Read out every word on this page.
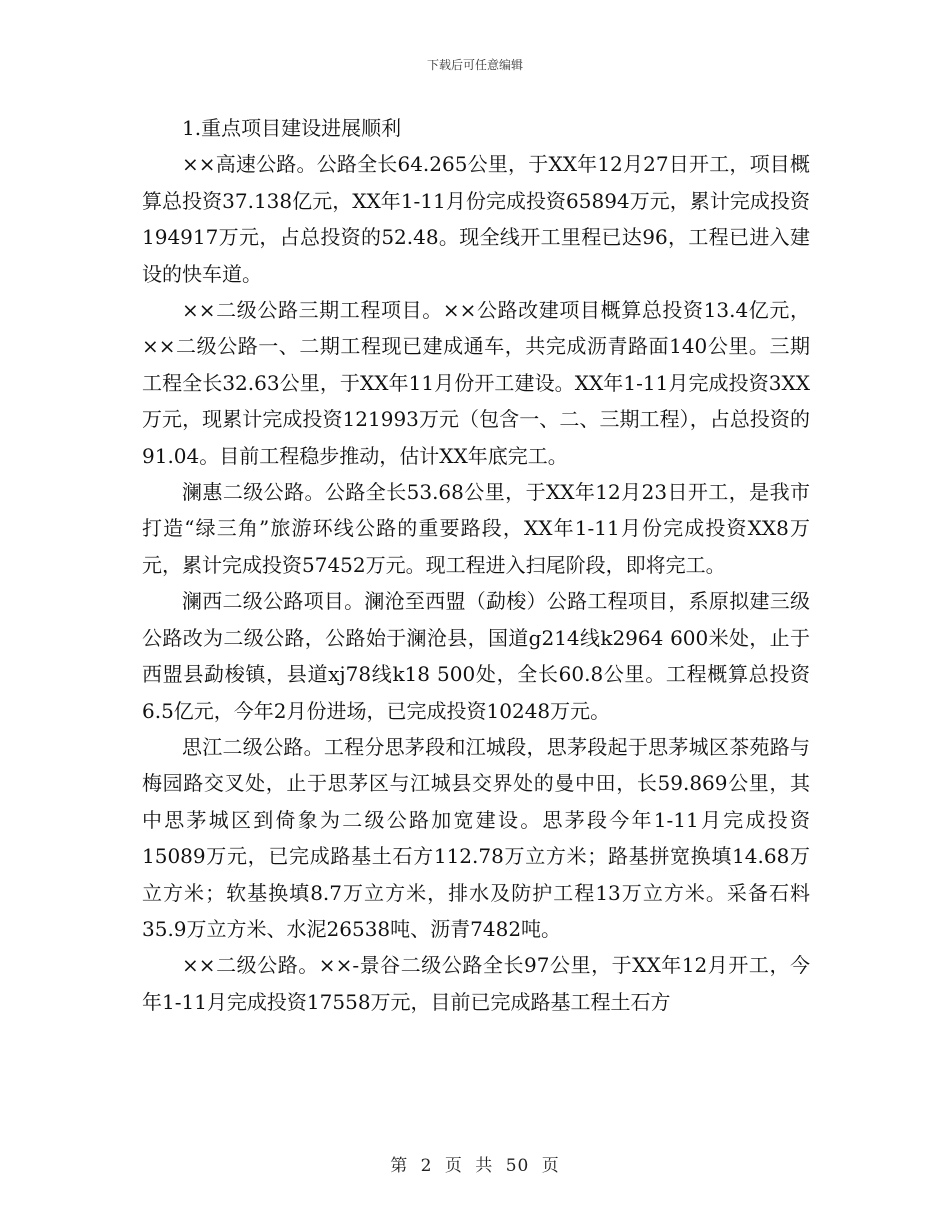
下载后可任意编辑

1.重点项目建设进展顺利

××高速公路。公路全长64.265公里，于XX年12月27日开工，项目概算总投资37.138亿元，XX年1-11月份完成投资65894万元，累计完成投资194917万元，占总投资的52.48。现全线开工里程已达96，工程已进入建设的快车道。

××二级公路三期工程项目。××公路改建项目概算总投资13.4亿元，××二级公路一、二期工程现已建成通车，共完成沥青路面140公里。三期工程全长32.63公里，于XX年11月份开工建设。XX年1-11月完成投资3XX万元，现累计完成投资121993万元（包含一、二、三期工程），占总投资的91.04。目前工程稳步推动，估计XX年底完工。

澜惠二级公路。公路全长53.68公里，于XX年12月23日开工，是我市打造“绿三角”旅游环线公路的重要路段，XX年1-11月份完成投资XX8万元，累计完成投资57452万元。现工程进入扫尾阶段，即将完工。

澜西二级公路项目。澜沧至西盟（勐梭）公路工程项目，系原拟建三级公路改为二级公路，公路始于澜沧县，国道g214线k2964 600米处，止于西盟县勐梭镇，县道xj78线k18 500处，全长60.8公里。工程概算总投资6.5亿元，今年2月份进场，已完成投资10248万元。

思江二级公路。工程分思茅段和江城段，思茅段起于思茅城区茶苑路与梅园路交叉处，止于思茅区与江城县交界处的曼中田，长59.869公里，其中思茅城区到倚象为二级公路加宽建设。思茅段今年1-11月完成投资15089万元，已完成路基土石方112.78万立方米；路基拼宽换填14.68万立方米；软基换填8.7万立方米，排水及防护工程13万立方米。采备石料35.9万立方米、水泥26538吨、沥青7482吨。

××二级公路。××-景谷二级公路全长97公里，于XX年12月开工，今年1-11月完成投资17558万元，目前已完成路基工程土石方

第 2 页 共 50 页
